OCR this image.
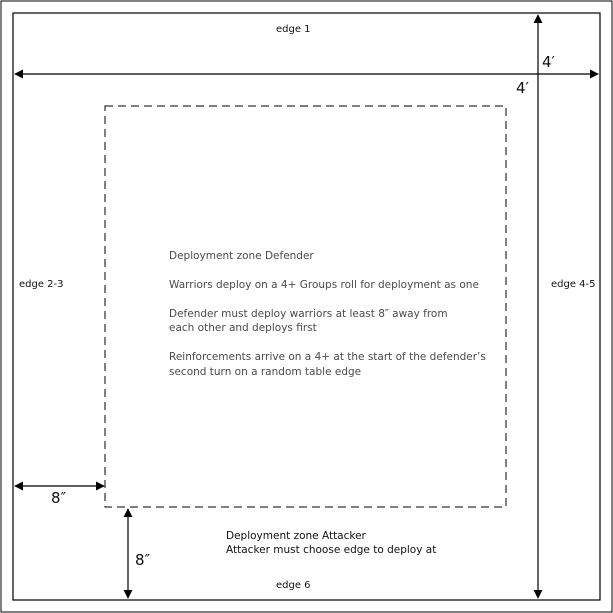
edge 1
edge 2-3	edge 4-5
edge 6
4′
4′
8″
8″
Deployment zone Defender
Warriors deploy on a 4+ Groups roll for deployment as one
Defender must deploy warriors at least 8″ away from
each other and deploys first
Reinforcements arrive on a 4+ at the start of the defender’s
second turn on a random table edge
Deployment zone Attacker
Attacker must choose edge to deploy at
